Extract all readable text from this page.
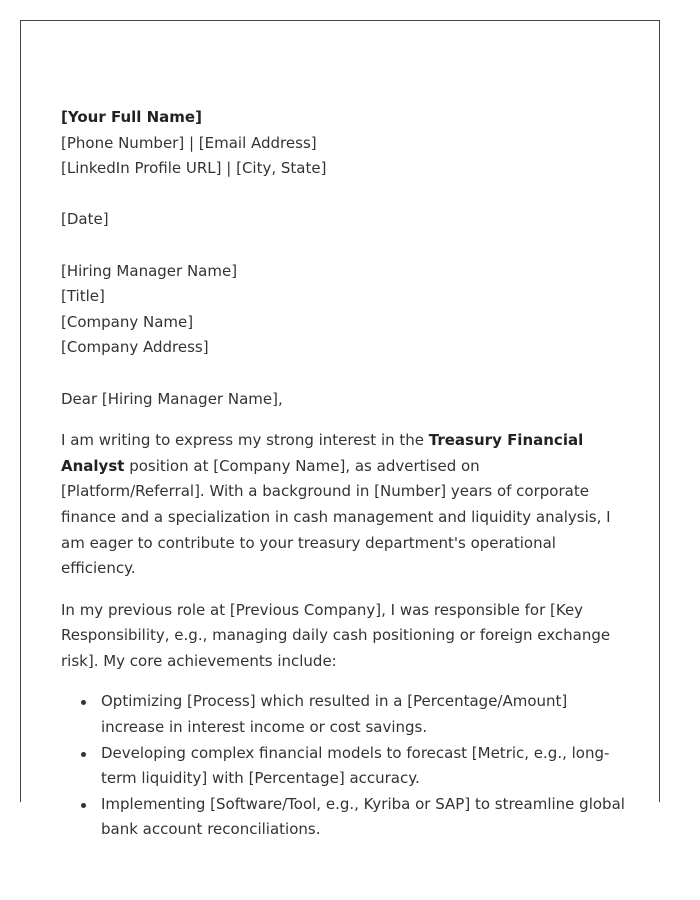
[Your Full Name]
[Phone Number] | [Email Address]
[LinkedIn Profile URL] | [City, State]
[Date]
[Hiring Manager Name]
[Title]
[Company Name]
[Company Address]
Dear [Hiring Manager Name],

I am writing to express my strong interest in the Treasury Financial Analyst position at [Company Name], as advertised on [Platform/Referral]. With a background in [Number] years of corporate finance and a specialization in cash management and liquidity analysis, I am eager to contribute to your treasury department's operational efficiency.

In my previous role at [Previous Company], I was responsible for [Key Responsibility, e.g., managing daily cash positioning or foreign exchange risk]. My core achievements include:

Optimizing [Process] which resulted in a [Percentage/Amount] increase in interest income or cost savings.
Developing complex financial models to forecast [Metric, e.g., long-term liquidity] with [Percentage] accuracy.
Implementing [Software/Tool, e.g., Kyriba or SAP] to streamline global bank account reconciliations.
